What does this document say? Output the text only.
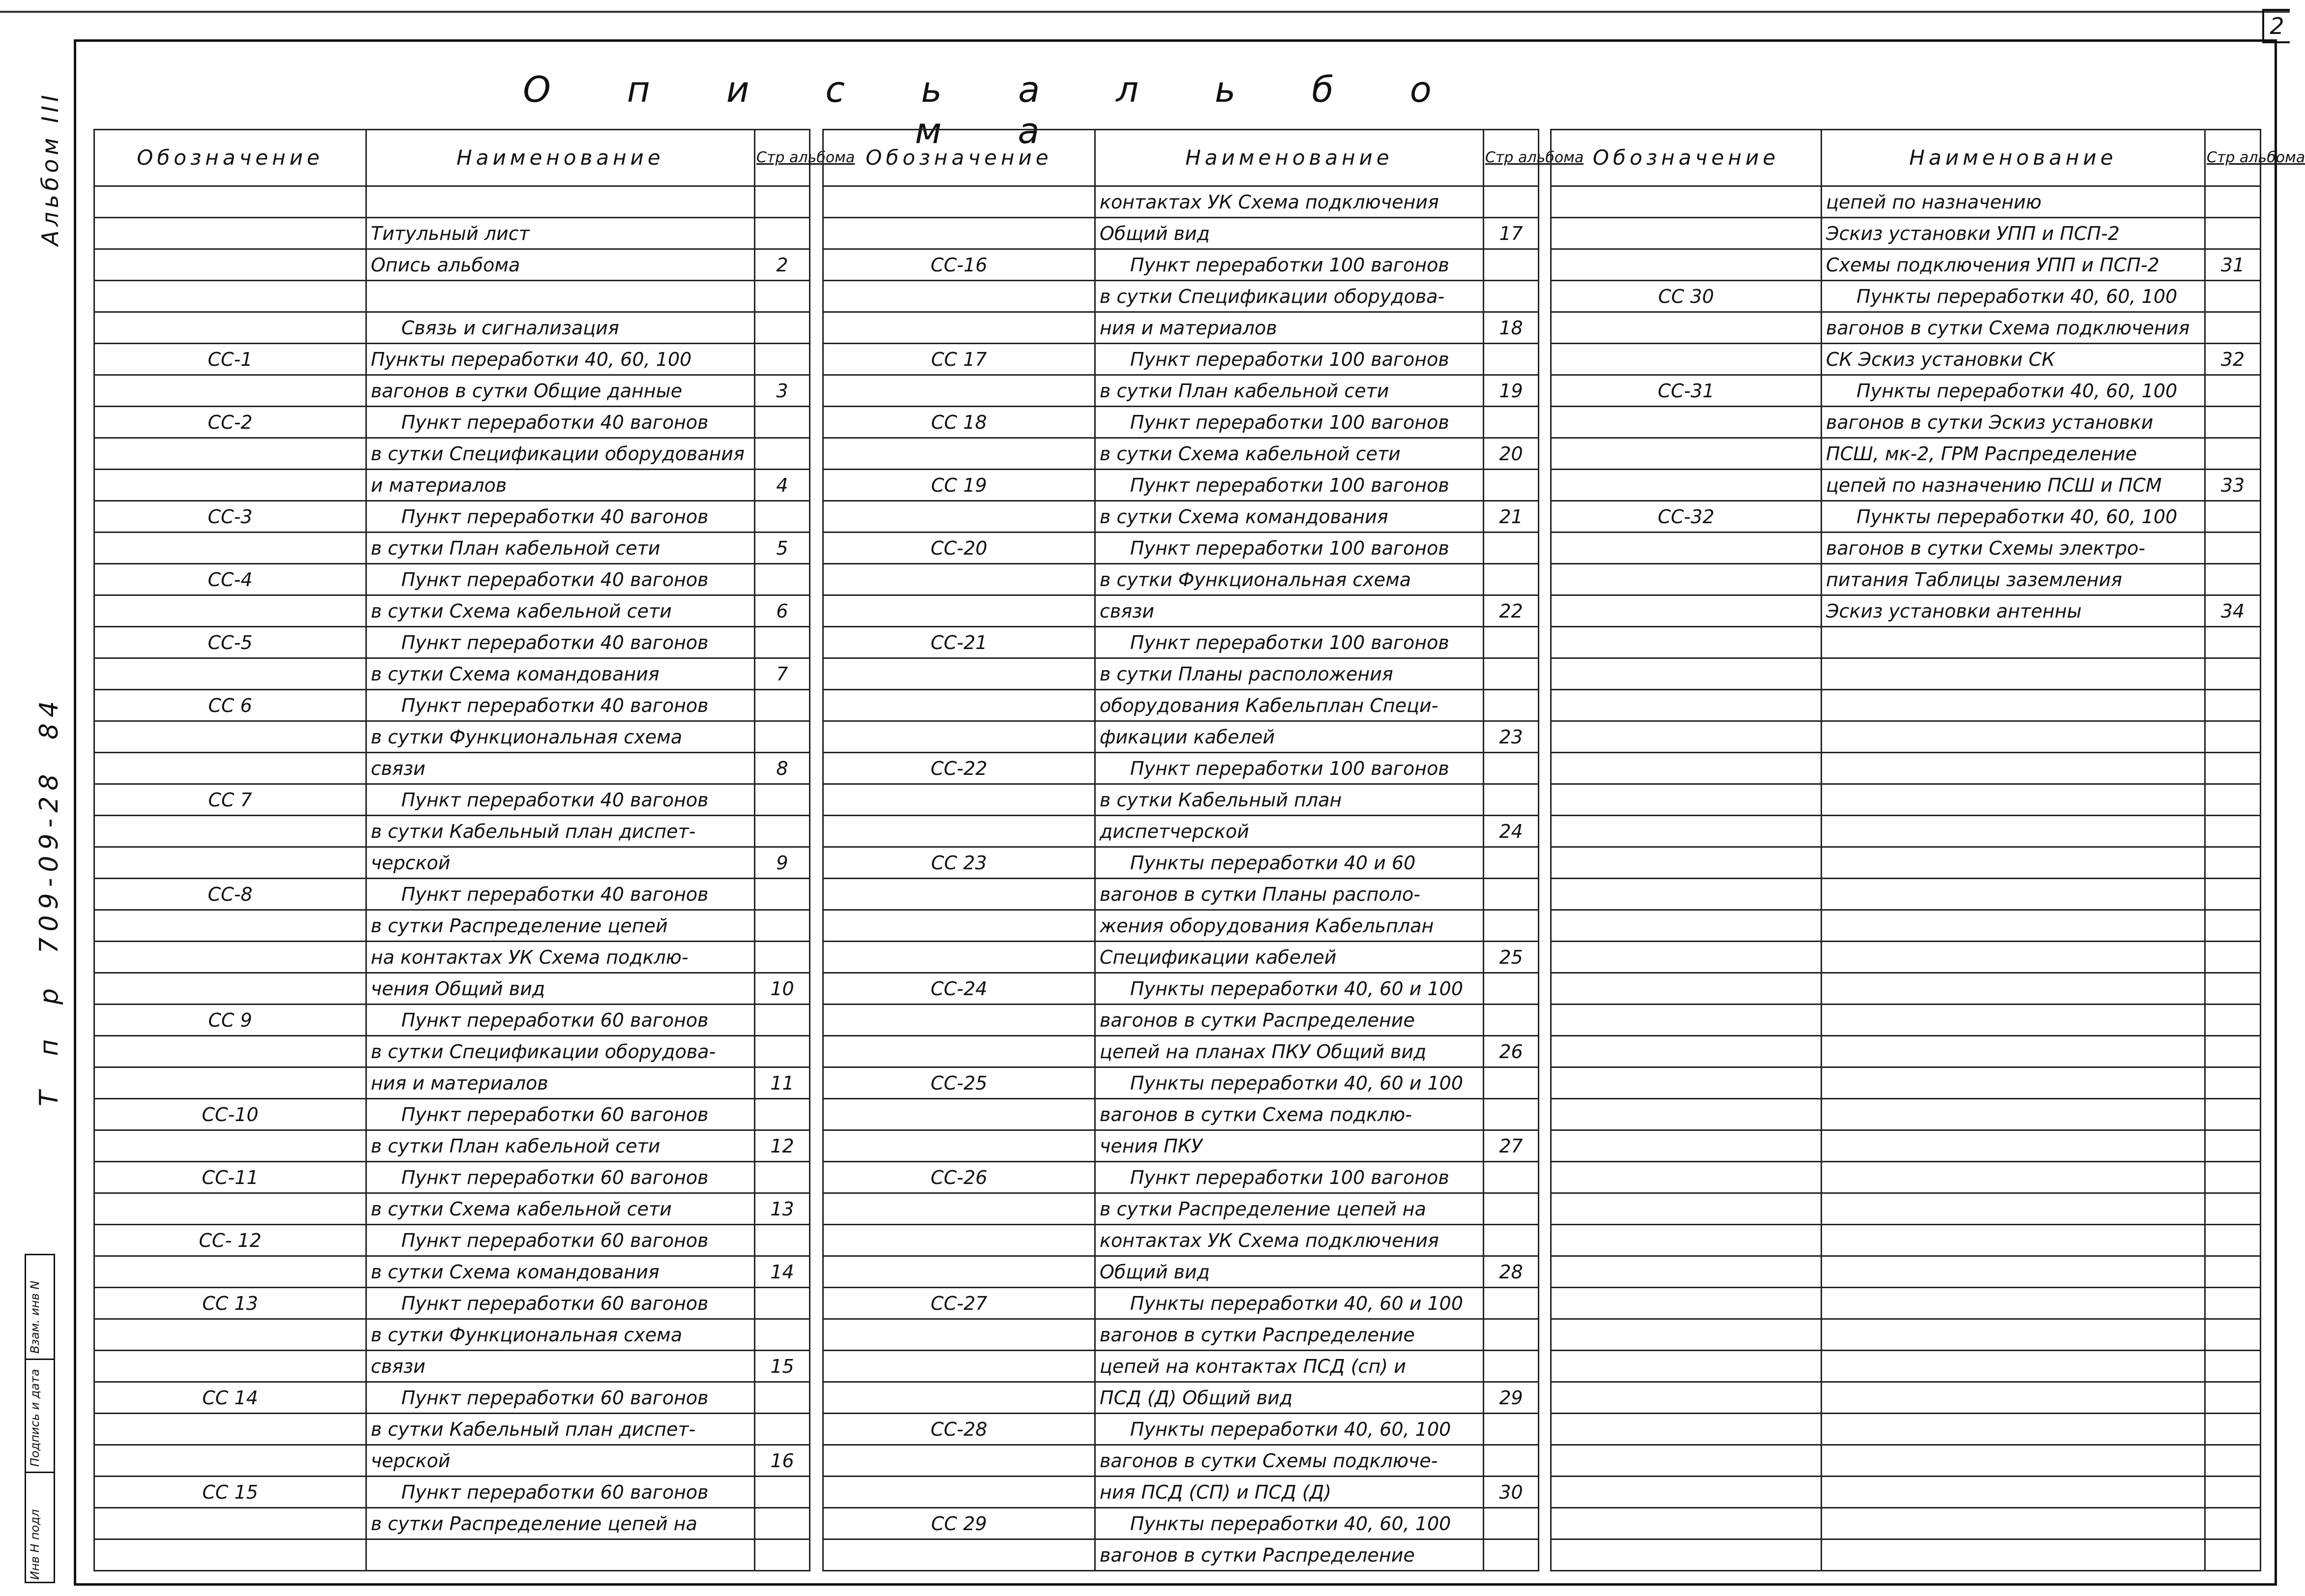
2
О п и с ь а л ь б о м а
Альбом III
Т п р 709-09-28 84
Инв Н подл
Подпись и дата
Взам. инв N
Обозначение	Наименование	Стр альбома

	Титульный лист	
	Опись альбома	2

	Связь и сигнализация	
СС-1	Пункты переработки 40, 60, 100	
	вагонов в сутки Общие данные	3
СС-2	Пункт переработки 40 вагонов	
	в сутки Спецификации оборудования	
	и материалов	4
СС-3	Пункт переработки 40 вагонов	
	в сутки План кабельной сети	5
СС-4	Пункт переработки 40 вагонов	
	в сутки Схема кабельной сети	6
СС-5	Пункт переработки 40 вагонов	
	в сутки Схема командования	7
СС 6	Пункт переработки 40 вагонов	
	в сутки Функциональная схема	
	связи	8
СС 7	Пункт переработки 40 вагонов	
	в сутки Кабельный план диспет-	
	черской	9
СС-8	Пункт переработки 40 вагонов	
	в сутки Распределение цепей	
	на контактах УК Схема подклю-	
	чения Общий вид	10
СС 9	Пункт переработки 60 вагонов	
	в сутки Спецификации оборудова-	
	ния и материалов	11
СС-10	Пункт переработки 60 вагонов	
	в сутки План кабельной сети	12
СС-11	Пункт переработки 60 вагонов	
	в сутки Схема кабельной сети	13
СС- 12	Пункт переработки 60 вагонов	
	в сутки Схема командования	14
СС 13	Пункт переработки 60 вагонов	
	в сутки Функциональная схема	
	связи	15
СС 14	Пункт переработки 60 вагонов	
	в сутки Кабельный план диспет-	
	черской	16
СС 15	Пункт переработки 60 вагонов	
	в сутки Распределение цепей на	

Обозначение	Наименование	Стр альбома
	контактах УК Схема подключения	
	Общий вид	17
СС-16	Пункт переработки 100 вагонов	
	в сутки Спецификации оборудова-	
	ния и материалов	18
СС 17	Пункт переработки 100 вагонов	
	в сутки План кабельной сети	19
СС 18	Пункт переработки 100 вагонов	
	в сутки Схема кабельной сети	20
СС 19	Пункт переработки 100 вагонов	
	в сутки Схема командования	21
СС-20	Пункт переработки 100 вагонов	
	в сутки Функциональная схема	
	связи	22
СС-21	Пункт переработки 100 вагонов	
	в сутки Планы расположения	
	оборудования Кабельплан Специ-	
	фикации кабелей	23
СС-22	Пункт переработки 100 вагонов	
	в сутки Кабельный план	
	диспетчерской	24
СС 23	Пункты переработки 40 и 60	
	вагонов в сутки Планы располо-	
	жения оборудования Кабельплан	
	Спецификации кабелей	25
СС-24	Пункты переработки 40, 60 и 100	
	вагонов в сутки Распределение	
	цепей на планах ПКУ Общий вид	26
СС-25	Пункты переработки 40, 60 и 100	
	вагонов в сутки Схема подклю-	
	чения ПКУ	27
СС-26	Пункт переработки 100 вагонов	
	в сутки Распределение цепей на	
	контактах УК Схема подключения	
	Общий вид	28
СС-27	Пункты переработки 40, 60 и 100	
	вагонов в сутки Распределение	
	цепей на контактах ПСД (сп) и	
	ПСД (Д) Общий вид	29
СС-28	Пункты переработки 40, 60, 100	
	вагонов в сутки Схемы подключе-	
	ния ПСД (СП) и ПСД (Д)	30
СС 29	Пункты переработки 40, 60, 100	
	вагонов в сутки Распределение	
Обозначение	Наименование	Стр альбома
	цепей по назначению	
	Эскиз установки УПП и ПСП-2	
	Схемы подключения УПП и ПСП-2	31
СС 30	Пункты переработки 40, 60, 100	
	вагонов в сутки Схема подключения	
	СК Эскиз установки СК	32
СС-31	Пункты переработки 40, 60, 100	
	вагонов в сутки Эскиз установки	
	ПСШ, мк-2, ГРМ Распределение	
	цепей по назначению ПСШ и ПСМ	33
СС-32	Пункты переработки 40, 60, 100	
	вагонов в сутки Схемы электро-	
	питания Таблицы заземления	
	Эскиз установки антенны	34
